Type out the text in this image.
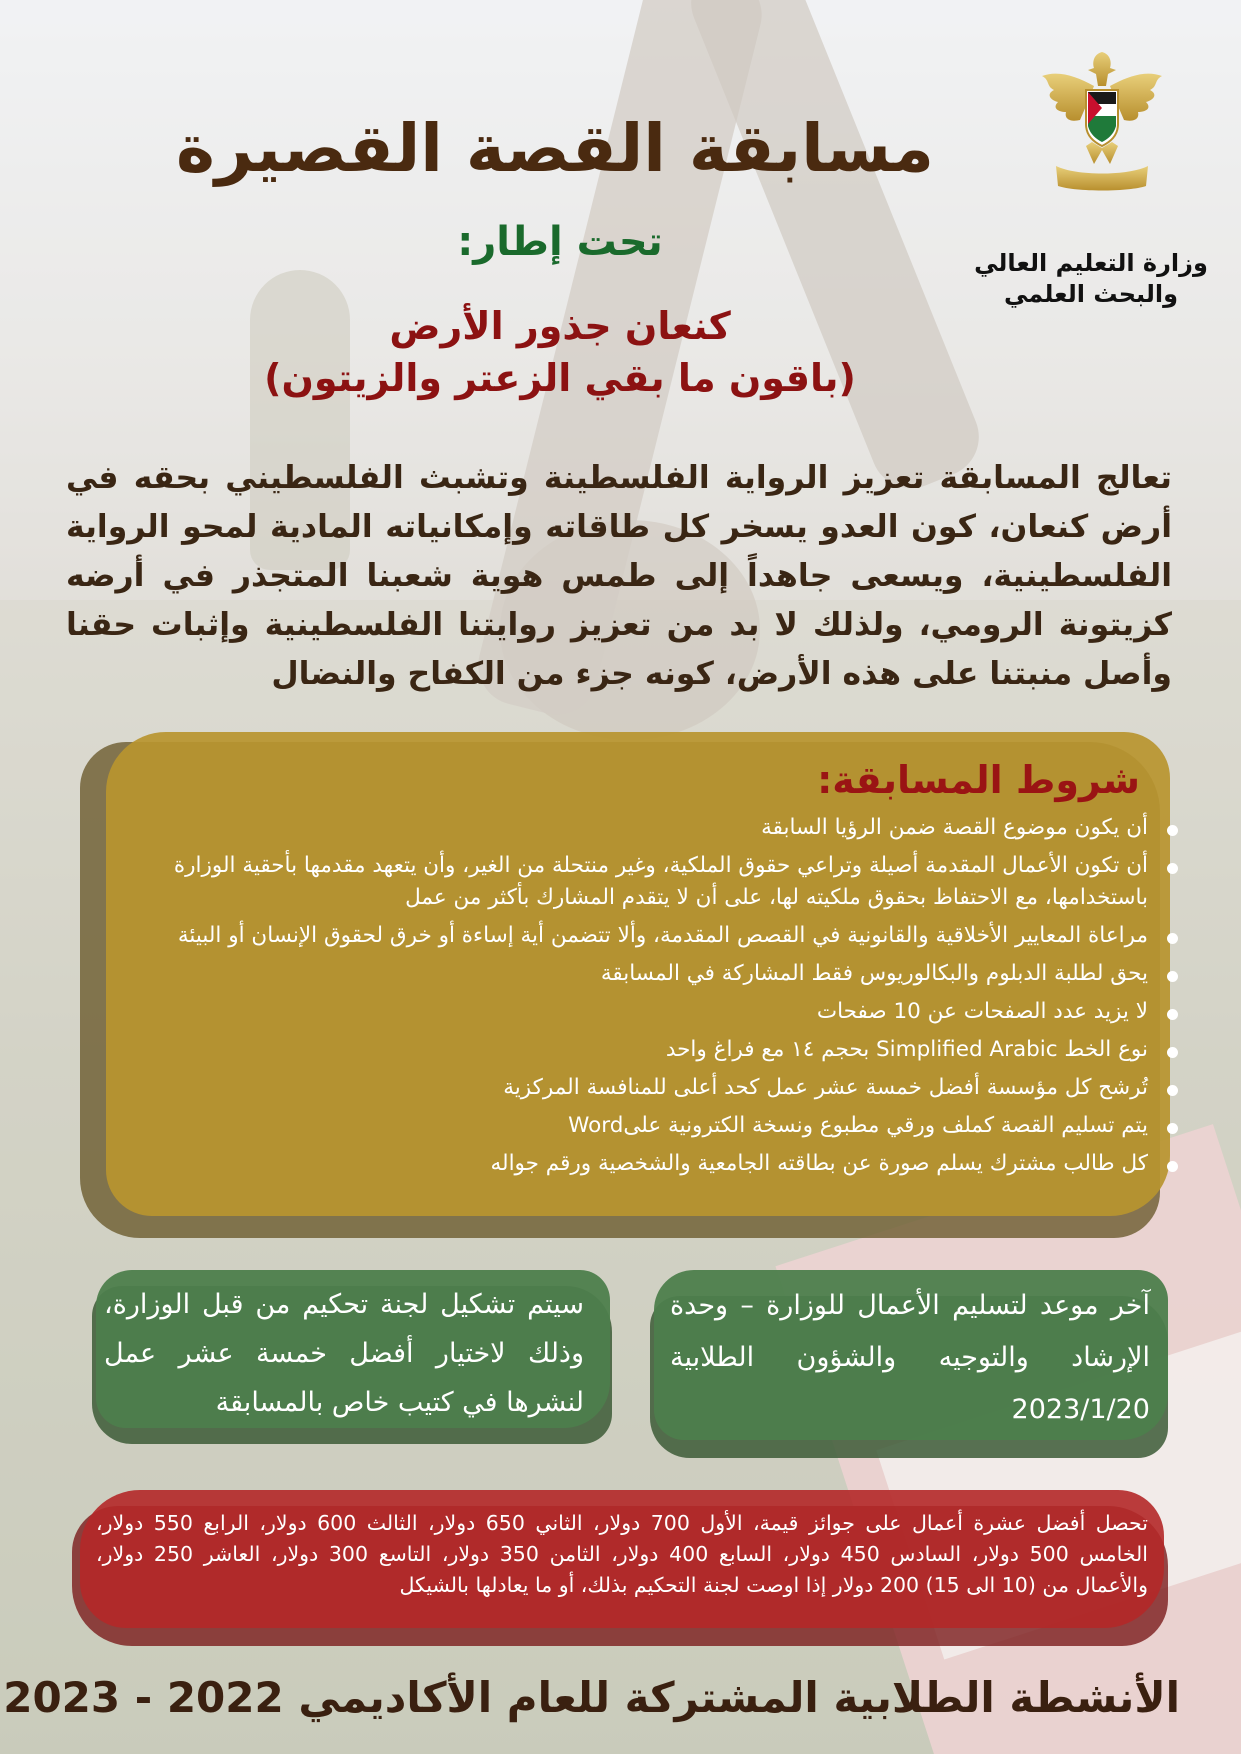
وزارة التعليم العالي
والبحث العلمي
مسابقة القصة القصيرة
تحت إطار:
كنعان جذور الأرض
(باقون ما بقي الزعتر والزيتون)
تعالج المسابقة تعزيز الرواية الفلسطينة وتشبث الفلسطيني بحقه في أرض كنعان، كون العدو يسخر كل طاقاته وإمكانياته المادية لمحو الرواية الفلسطينية، ويسعى جاهداً إلى طمس هوية شعبنا المتجذر في أرضه كزيتونة الرومي، ولذلك لا بد من تعزيز روايتنا الفلسطينية وإثبات حقنا وأصل منبتنا على هذه الأرض، كونه جزء من الكفاح والنضال
شروط المسابقة:
أن يكون موضوع القصة ضمن الرؤيا السابقة
أن تكون الأعمال المقدمة أصيلة وتراعي حقوق الملكية، وغير منتحلة من الغير، وأن يتعهد مقدمها بأحقية الوزارة باستخدامها، مع الاحتفاظ بحقوق ملكيته لها، على أن لا يتقدم المشارك بأكثر من عمل
مراعاة المعايير الأخلاقية والقانونية في القصص المقدمة، وألا تتضمن أية إساءة أو خرق لحقوق الإنسان أو البيئة
يحق لطلبة الدبلوم والبكالوريوس فقط المشاركة في المسابقة
لا يزيد عدد الصفحات عن 10 صفحات
نوع الخط Simplified Arabic بحجم ١٤ مع فراغ واحد
تُرشح كل مؤسسة أفضل خمسة عشر عمل كحد أعلى للمنافسة المركزية
يتم تسليم القصة كملف ورقي مطبوع ونسخة الكترونية علىWord
كل طالب مشترك يسلم صورة عن بطاقته الجامعية والشخصية ورقم جواله
آخر موعد لتسليم الأعمال للوزارة – وحدة الإرشاد والتوجيه والشؤون الطلابية 2023/1/20
سيتم تشكيل لجنة تحكيم من قبل الوزارة، وذلك لاختيار أفضل خمسة عشر عمل لنشرها في كتيب خاص بالمسابقة
تحصل أفضل عشرة أعمال على جوائز قيمة، الأول 700 دولار، الثاني 650 دولار، الثالث 600 دولار، الرابع 550 دولار، الخامس 500 دولار، السادس 450 دولار، السابع 400 دولار، الثامن 350 دولار، التاسع 300 دولار، العاشر 250 دولار، والأعمال من (10 الى 15) 200 دولار إذا اوصت لجنة التحكيم بذلك، أو ما يعادلها بالشيكل
الأنشطة الطلابية المشتركة للعام الأكاديمي 2022 - 2023
